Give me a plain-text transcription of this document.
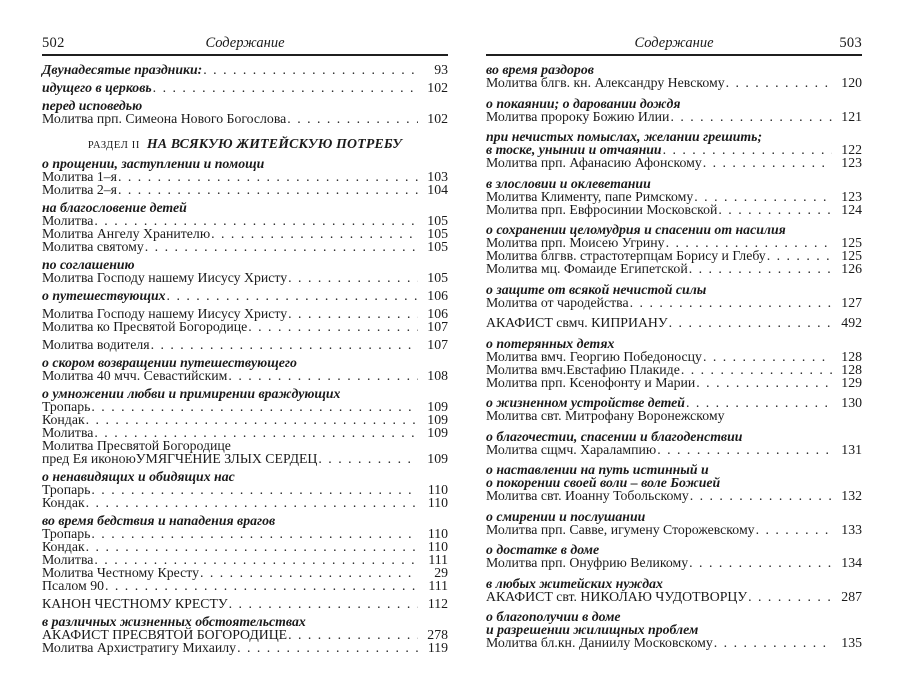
502	Содержание
Двунадесятые праздники: . . .	93
идущего в церковь . . .	102
перед исповедью
Молитва прп. Симеона Нового Богослова . . .	102
РАЗДЕЛ II НА ВСЯКУЮ ЖИТЕЙСКУЮ ПОТРЕБУ
о прощении, заступлении и помощи
Молитва 1–я . . .	103
Молитва 2–я . . .	104
на благословение детей
Молитва . . .	105
Молитва Ангелу Хранителю . . .	105
Молитва святому . . .	105
по соглашению
Молитва Господу нашему Иисусу Христу . . .	105
о путешествующих . . .	106
Молитва Господу нашему Иисусу Христу . . .	106
Молитва ко Пресвятой Богородице . . .	107
Молитва водителя . . .	107
о скором возвращении путешествующего
Молитва 40 мчч. Севастийским . . .	108
о умножении любви и примирении враждующих
Тропарь . . .	109
Кондак . . .	109
Молитва . . .	109
Молитва Пресвятой Богородице
пред Ея иконоюУМЯГЧЕНИЕ ЗЛЫХ СЕРДЕЦ . . .	109
о ненавидящих и обидящих нас
Тропарь . . .	110
Кондак . . .	110
во время бедствия и нападения врагов
Тропарь . . .	110
Кондак . . .	110
Молитва . . .	111
Молитва Честному Кресту . . .	29
Псалом 90 . . .	111
КАНОН ЧЕСТНОМУ КРЕСТУ . . .	112
в различных жизненных обстоятельствах
АКАФИСТ ПРЕСВЯТОЙ БОГОРОДИЦЕ . . .	278
Молитва Архистратигу Михаилу . . .	119
Содержание	503
во время раздоров
Молитва блгв. кн. Александру Невскому . . .	120
о покаянии; о даровании дождя
Молитва пророку Божию Илии . . .	121
при нечистых помыслах, желании грешить;
в тоске, унынии и отчаянии . . .	122
Молитва прп. Афанасию Афонскому . . .	123
в злословии и оклеветании
Молитва Клименту, папе Римскому . . .	123
Молитва прп. Евфросинии Московской . . .	124
о сохранении целомудрия и спасении от насилия
Молитва прп. Моисею Угрину . . .	125
Молитва блгвв. страстотерпцам Борису и Глебу . . .	125
Молитва мц. Фомаиде Египетской . . .	126
о защите от всякой нечистой силы
Молитва от чародейства . . .	127
АКАФИСТ свмч. КИПРИАНУ . . .	492
о потерянных детях
Молитва вмч. Георгию Победоносцу . . .	128
Молитва вмч.Евстафию Плакиде . . .	128
Молитва прп. Ксенофонту и Марии . . .	129
о жизненном устройстве детей . . .	130
Молитва свт. Митрофану Воронежскому
о благочестии, спасении и благоденствии
Молитва сщмч. Харалампию . . .	131
о наставлении на путь истинный и
о покорении своей воли – воле Божией
Молитва свт. Иоанну Тобольскому . . .	132
о смирении и послушании
Молитва прп. Савве, игумену Сторожевскому . . .	133
о достатке в доме
Молитва прп. Онуфрию Великому . . .	134
в любых житейских нуждах
АКАФИСТ свт. НИКОЛАЮ ЧУДОТВОРЦУ . . .	287
о благополучии в доме
и разрешении жилищных проблем
Молитва бл.кн. Даниилу Московскому . . .	135
